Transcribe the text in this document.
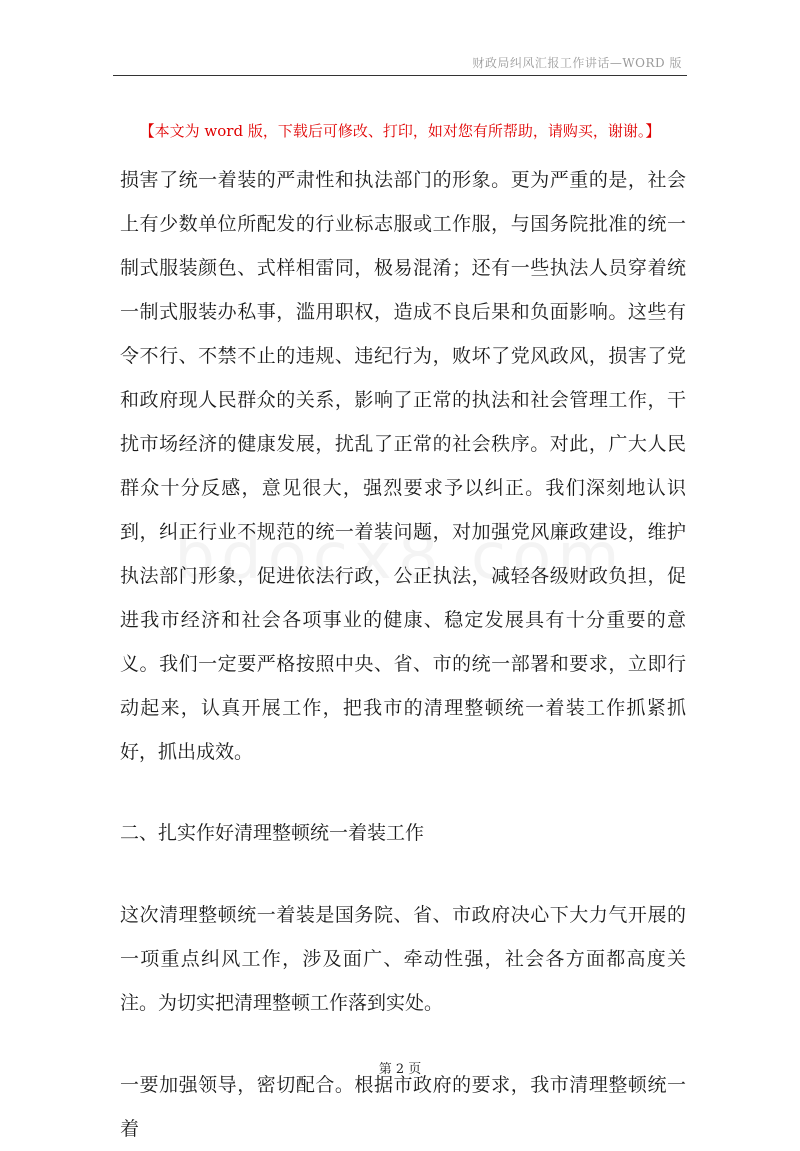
财政局纠风汇报工作讲话—WORD 版
【本文为 word 版，下载后可修改、打印，如对您有所帮助，请购买，谢谢。】

损害了统一着装的严肃性和执法部门的形象。更为严重的是，社会上有少数单位所配发的行业标志服或工作服，与国务院批准的统一制式服装颜色、式样相雷同，极易混淆；还有一些执法人员穿着统一制式服装办私事，滥用职权，造成不良后果和负面影响。这些有令不行、不禁不止的违规、违纪行为，败坏了党风政风，损害了党和政府现人民群众的关系，影响了正常的执法和社会管理工作，干扰市场经济的健康发展，扰乱了正常的社会秩序。对此，广大人民群众十分反感，意见很大，强烈要求予以纠正。我们深刻地认识到，纠正行业不规范的统一着装问题，对加强党风廉政建设，维护执法部门形象，促进依法行政，公正执法，减轻各级财政负担，促进我市经济和社会各项事业的健康、稳定发展具有十分重要的意义。我们一定要严格按照中央、省、市的统一部署和要求，立即行动起来，认真开展工作，把我市的清理整顿统一着装工作抓紧抓好，抓出成效。

二、扎实作好清理整顿统一着装工作

这次清理整顿统一着装是国务院、省、市政府决心下大力气开展的一项重点纠风工作，涉及面广、牵动性强，社会各方面都高度关注。为切实把清理整顿工作落到实处。

一要加强领导，密切配合。根据市政府的要求，我市清理整顿统一着

第 2 页
